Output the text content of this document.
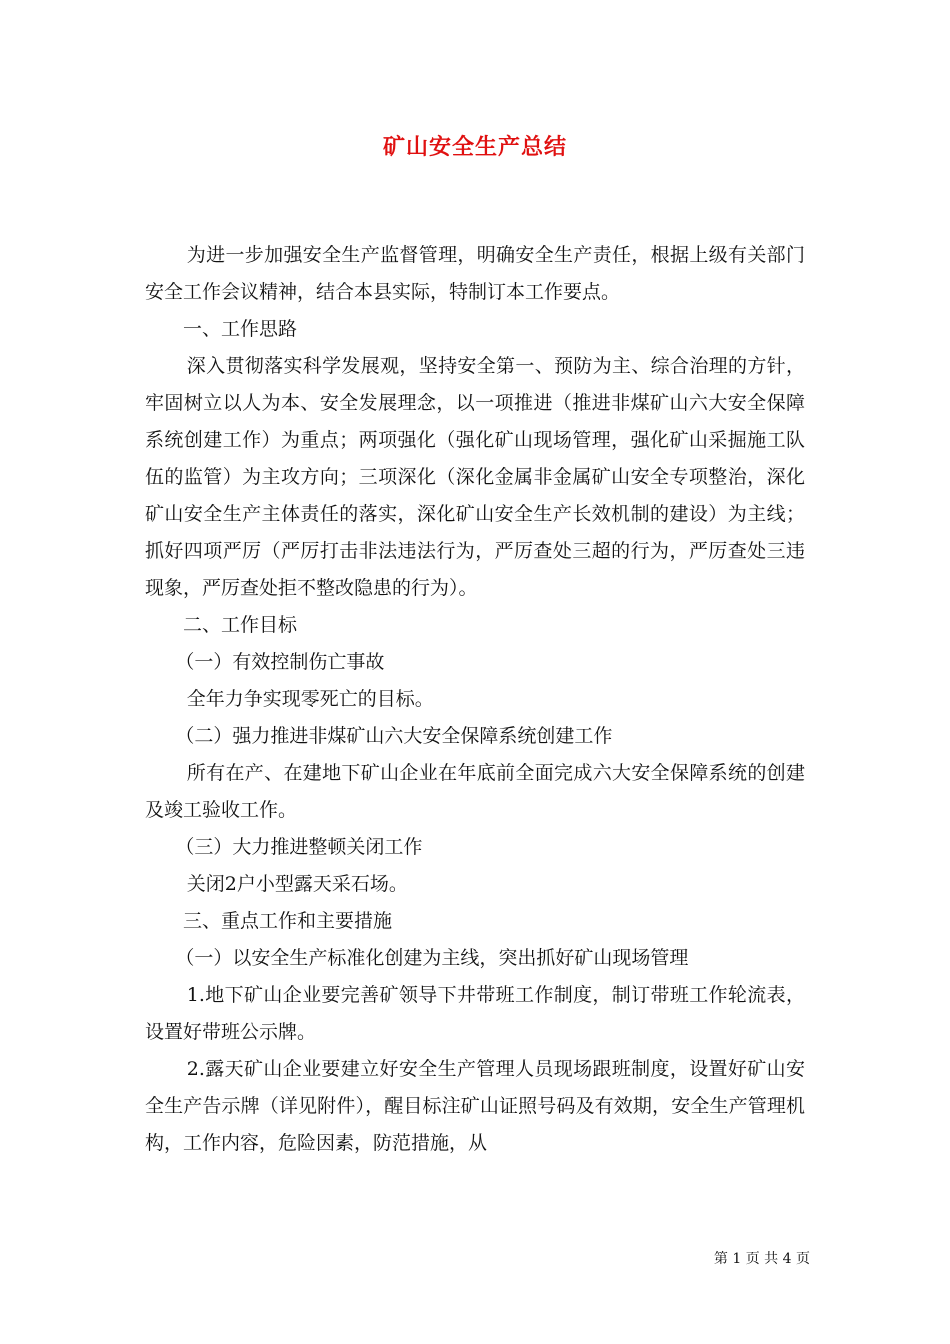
矿山安全生产总结

为进一步加强安全生产监督管理，明确安全生产责任，根据上级有关部门安全工作会议精神，结合本县实际，特制订本工作要点。

一、工作思路

深入贯彻落实科学发展观，坚持安全第一、预防为主、综合治理的方针，牢固树立以人为本、安全发展理念，以一项推进（推进非煤矿山六大安全保障系统创建工作）为重点；两项强化（强化矿山现场管理，强化矿山采掘施工队伍的监管）为主攻方向；三项深化（深化金属非金属矿山安全专项整治，深化矿山安全生产主体责任的落实，深化矿山安全生产长效机制的建设）为主线；抓好四项严厉（严厉打击非法违法行为，严厉查处三超的行为，严厉查处三违现象，严厉查处拒不整改隐患的行为）。

二、工作目标

（一）有效控制伤亡事故

全年力争实现零死亡的目标。

（二）强力推进非煤矿山六大安全保障系统创建工作

所有在产、在建地下矿山企业在年底前全面完成六大安全保障系统的创建及竣工验收工作。

（三）大力推进整顿关闭工作

关闭2户小型露天采石场。

三、重点工作和主要措施

（一）以安全生产标准化创建为主线，突出抓好矿山现场管理

1.地下矿山企业要完善矿领导下井带班工作制度，制订带班工作轮流表，设置好带班公示牌。

2.露天矿山企业要建立好安全生产管理人员现场跟班制度，设置好矿山安全生产告示牌（详见附件），醒目标注矿山证照号码及有效期，安全生产管理机构，工作内容，危险因素，防范措施，从

第 1 页 共 4 页
